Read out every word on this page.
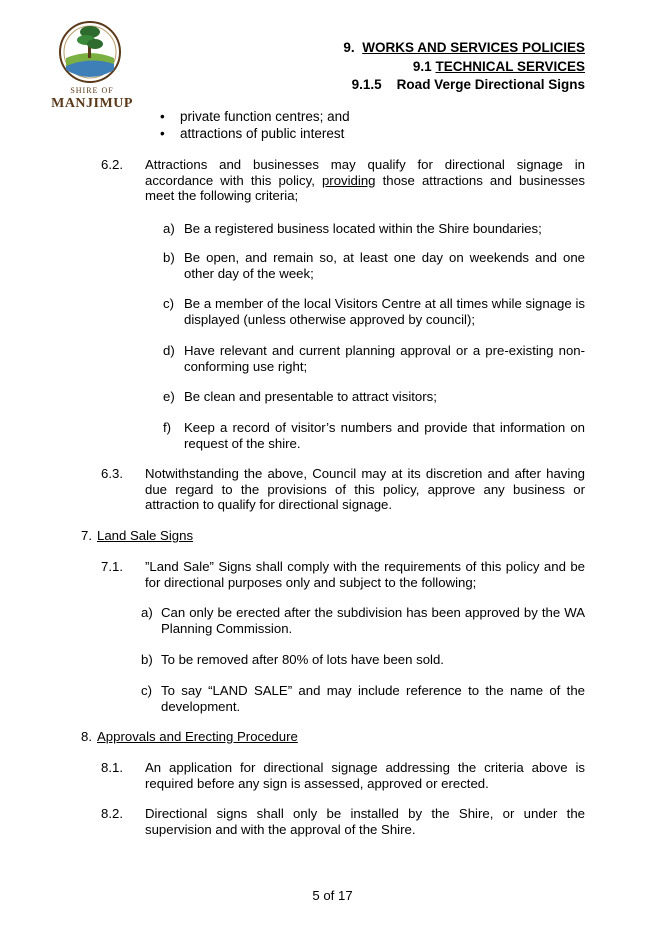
SHIRE OF
MANJIMUP
9. WORKS AND SERVICES POLICIES
9.1 TECHNICAL SERVICES
9.1.5    Road Verge Directional Signs
• private function centres; and
• attractions of public interest
6.2. Attractions and businesses may qualify for directional signage in accordance with this policy, providing those attractions and businesses meet the following criteria;
a) Be a registered business located within the Shire boundaries;
b) Be open, and remain so, at least one day on weekends and one other day of the week;
c) Be a member of the local Visitors Centre at all times while signage is displayed (unless otherwise approved by council);
d) Have relevant and current planning approval or a pre-existing non-conforming use right;
e) Be clean and presentable to attract visitors;
f) Keep a record of visitor’s numbers and provide that information on request of the shire.
6.3. Notwithstanding the above, Council may at its discretion and after having due regard to the provisions of this policy, approve any business or attraction to qualify for directional signage.
7. Land Sale Signs
7.1. ”Land Sale” Signs shall comply with the requirements of this policy and be for directional purposes only and subject to the following;
a) Can only be erected after the subdivision has been approved by the WA Planning Commission.
b) To be removed after 80% of lots have been sold.
c) To say “LAND SALE” and may include reference to the name of the development.
8. Approvals and Erecting Procedure
8.1. An application for directional signage addressing the criteria above is required before any sign is assessed, approved or erected.
8.2. Directional signs shall only be installed by the Shire, or under the supervision and with the approval of the Shire.
5 of 17
